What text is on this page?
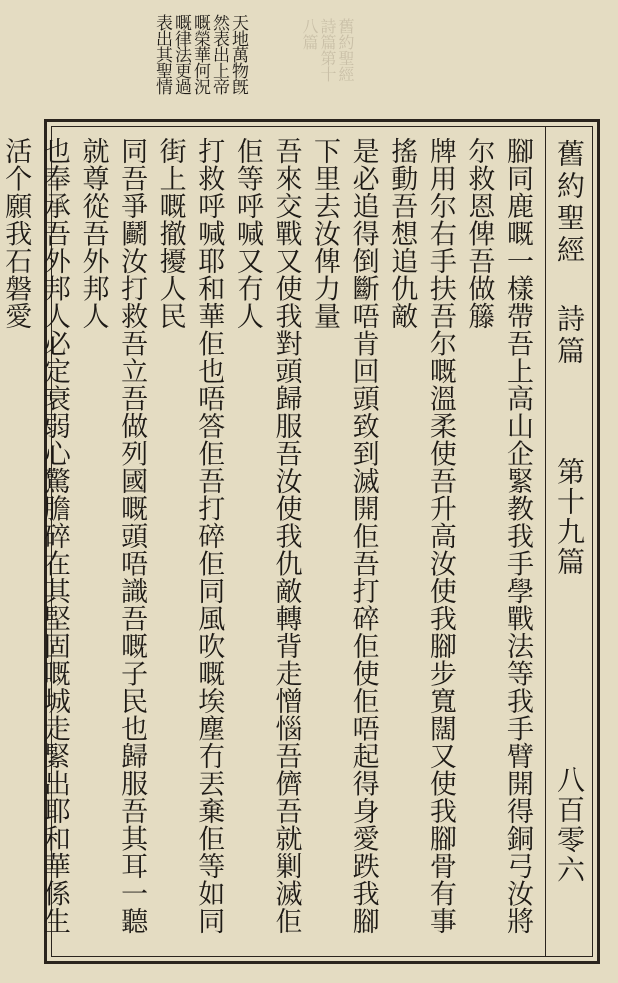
舊約聖經
詩篇第十
八篇
天地萬物旣
然表出上帝
嘅榮華何況
嘅律法更過
表出其聖情
舊約聖經 詩篇
第十九篇
八百零六

腳同鹿嘅一樣帶吾上高山企緊教我手學戰法等我手臂開得銅弓汝將尔救恩俾吾做籐

牌用尔右手扶吾尔嘅溫柔使吾升高汝使我腳步寬闊又使我腳骨有事搖動吾想追仇敵

是必追得倒斷唔肯回頭致到滅開佢吾打碎佢使佢唔起得身愛跌我腳下里去汝俾力量

吾來交戰又使我對頭歸服吾汝使我仇敵轉背走憎惱吾儕吾就剿滅佢佢等呼喊又冇人

打救呼喊耶和華佢也唔答佢吾打碎佢同風吹嘅埃塵冇丟棄佢等如同街上嘅撤擾人民

同吾爭鬬汝打救吾立吾做列國嘅頭唔識吾嘅子民也歸服吾其耳一聽就尊從吾外邦人

也奉承吾外邦人必定衰弱心驚膽碎在其堅固嘅城走緊出耶和華係生活个願我石磐愛
